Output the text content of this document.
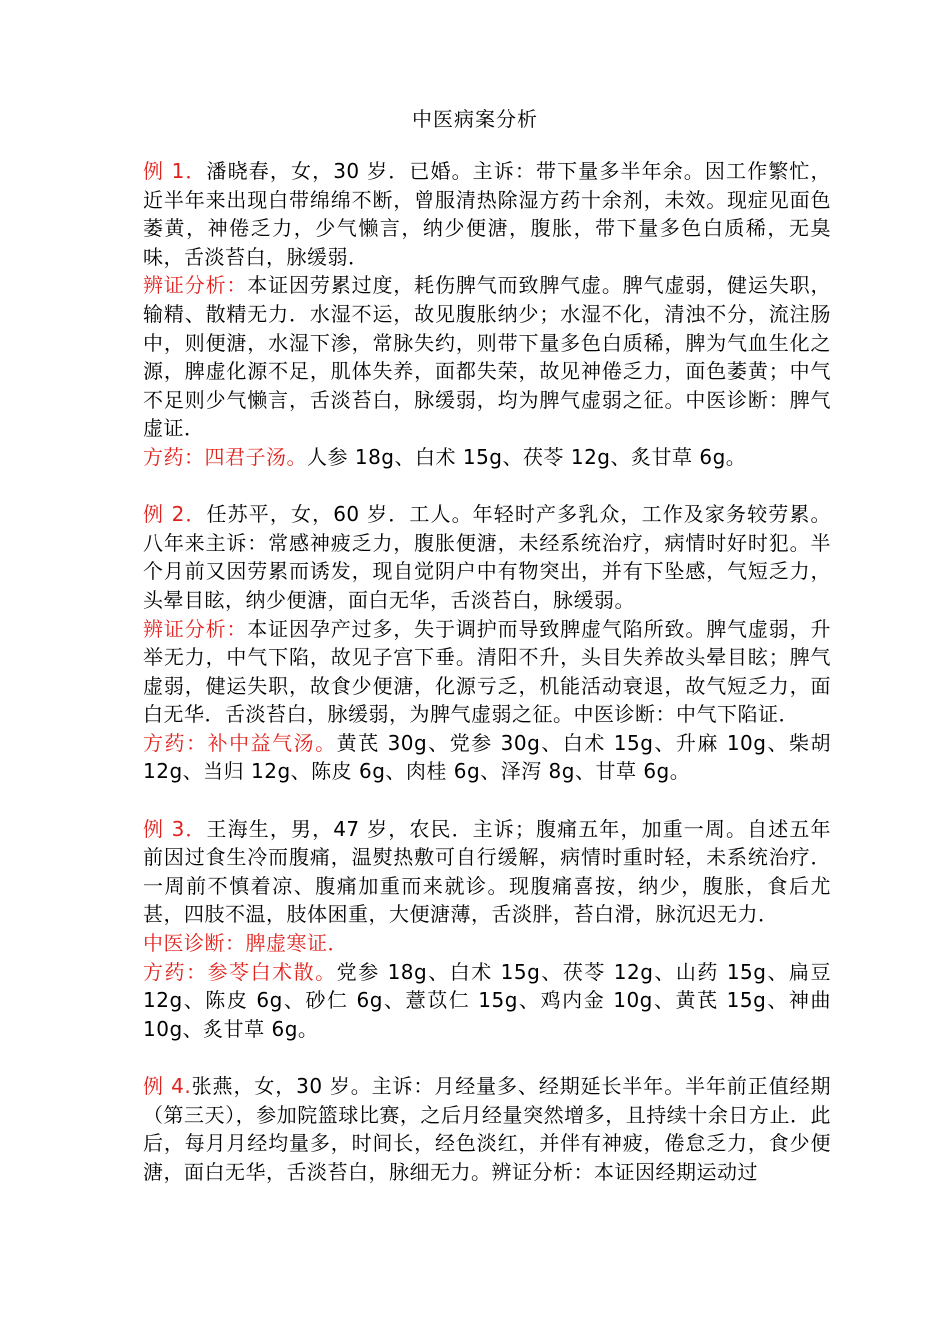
中医病案分析

例 1．潘晓春，女，30 岁．已婚。主诉：带下量多半年余。因工作繁忙，近半年来出现白带绵绵不断，曾服清热除湿方药十余剂，未效。现症见面色萎黄，神倦乏力，少气懒言，纳少便溏，腹胀，带下量多色白质稀，无臭味，舌淡苔白，脉缓弱．

辨证分析：本证因劳累过度，耗伤脾气而致脾气虚。脾气虚弱，健运失职，输精、散精无力．水湿不运，故见腹胀纳少；水湿不化，清浊不分，流注肠中，则便溏，水湿下渗，常脉失约，则带下量多色白质稀，脾为气血生化之源，脾虚化源不足，肌体失养，面都失荣，故见神倦乏力，面色萎黄；中气不足则少气懒言，舌淡苔白，脉缓弱，均为脾气虚弱之征。中医诊断：脾气虚证．

方药：四君子汤。人参 18g、白术 15g、茯苓 12g、炙甘草 6g。

例 2．任苏平，女，60 岁．工人。年轻时产多乳众，工作及家务较劳累。八年来主诉：常感神疲乏力，腹胀便溏，未经系统治疗，病情时好时犯。半个月前又因劳累而诱发，现自觉阴户中有物突出，并有下坠感，气短乏力，头晕目眩，纳少便溏，面白无华，舌淡苔白，脉缓弱。

辨证分析：本证因孕产过多，失于调护而导致脾虚气陷所致。脾气虚弱，升举无力，中气下陷，故见子宫下垂。清阳不升，头目失养故头晕目眩；脾气虚弱，健运失职，故食少便溏，化源亏乏，机能活动衰退，故气短乏力，面白无华．舌淡苔白，脉缓弱，为脾气虚弱之征。中医诊断：中气下陷证．

方药：补中益气汤。黄芪 30g、党参 30g、白术 15g、升麻 10g、柴胡 12g、当归 12g、陈皮 6g、肉桂 6g、泽泻 8g、甘草 6g。

例 3．王海生，男，47 岁，农民．主诉；腹痛五年，加重一周。自述五年前因过食生冷而腹痛，温熨热敷可自行缓解，病情时重时轻，未系统治疗．一周前不慎着凉、腹痛加重而来就诊。现腹痛喜按，纳少，腹胀，食后尤甚，四肢不温，肢体困重，大便溏薄，舌淡胖，苔白滑，脉沉迟无力．

中医诊断：脾虚寒证．

方药：参苓白术散。党参 18g、白术 15g、茯苓 12g、山药 15g、扁豆 12g、陈皮 6g、砂仁 6g、薏苡仁 15g、鸡内金 10g、黄芪 15g、神曲 10g、炙甘草 6g。

例 4.张燕，女，30 岁。主诉：月经量多、经期延长半年。半年前正值经期（第三天），参加院篮球比赛，之后月经量突然增多，且持续十余日方止．此后，每月月经均量多，时间长，经色淡红，并伴有神疲，倦怠乏力，食少便溏，面白无华，舌淡苔白，脉细无力。辨证分析：本证因经期运动过
